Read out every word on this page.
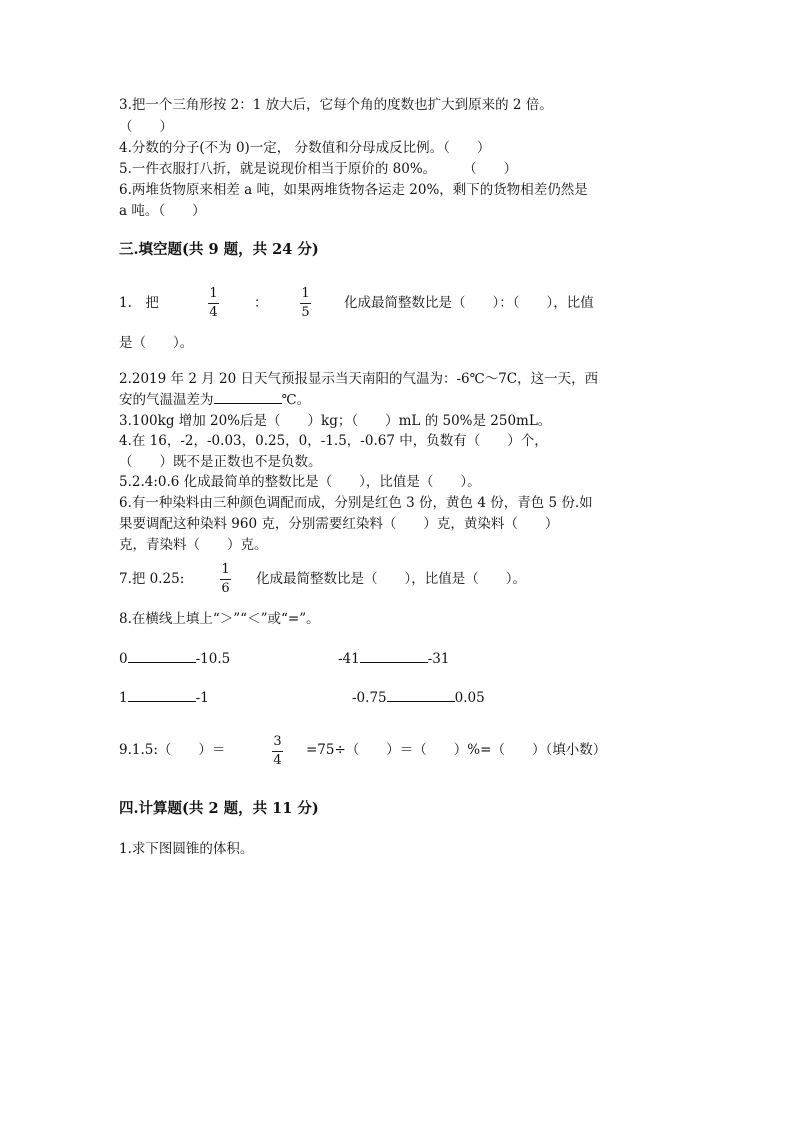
3.把一个三角形按 2：1 放大后，它每个角的度数也扩大到原来的 2 倍。
（　　）
4.分数的分子(不为 0)一定， 分数值和分母成反比例。（　　）
5.一件衣服打八折，就是说现价相当于原价的 80%。　　　（　　）
6.两堆货物原来相差 a 吨，如果两堆货物各运走 20%，剩下的货物相差仍然是
a 吨。（　　）
三.填空题(共 9 题，共 24 分)
1.　把
1
4
：
1
5
化成最简整数比是（　　）：（　　），比值
是（　　）。
2.2019 年 2 月 20 日天气预报显示当天南阳的气温为：-6℃～7C，这一天，西
安的气温温差为	℃。
3.100kg 增加 20%后是（　　）kg；（　　）mL 的 50%是 250mL。
4.在 16，-2，-0.03，0.25，0，-1.5，-0.67 中，负数有（　　）个，
（　　）既不是正数也不是负数。
5.2.4:0.6 化成最简单的整数比是（　　），比值是（　　）。
6.有一种染料由三种颜色调配而成，分别是红色 3 份，黄色 4 份，青色 5 份.如
果要调配这种染料 960 克，分别需要红染料（　　）克，黄染料（　　）
克，青染料（　　）克。
7.把 0.25:
1
6
化成最简整数比是（　　），比值是（　　）。
8.在横线上填上“＞”“＜”或“=”。
0	-10.5	-41	-31
1	-1	-0.75	0.05
9.1.5:（　　）＝
3
4
=75÷（　　）＝（　　）%=（　　）（填小数）
四.计算题(共 2 题，共 11 分)
1.求下图圆锥的体积。
